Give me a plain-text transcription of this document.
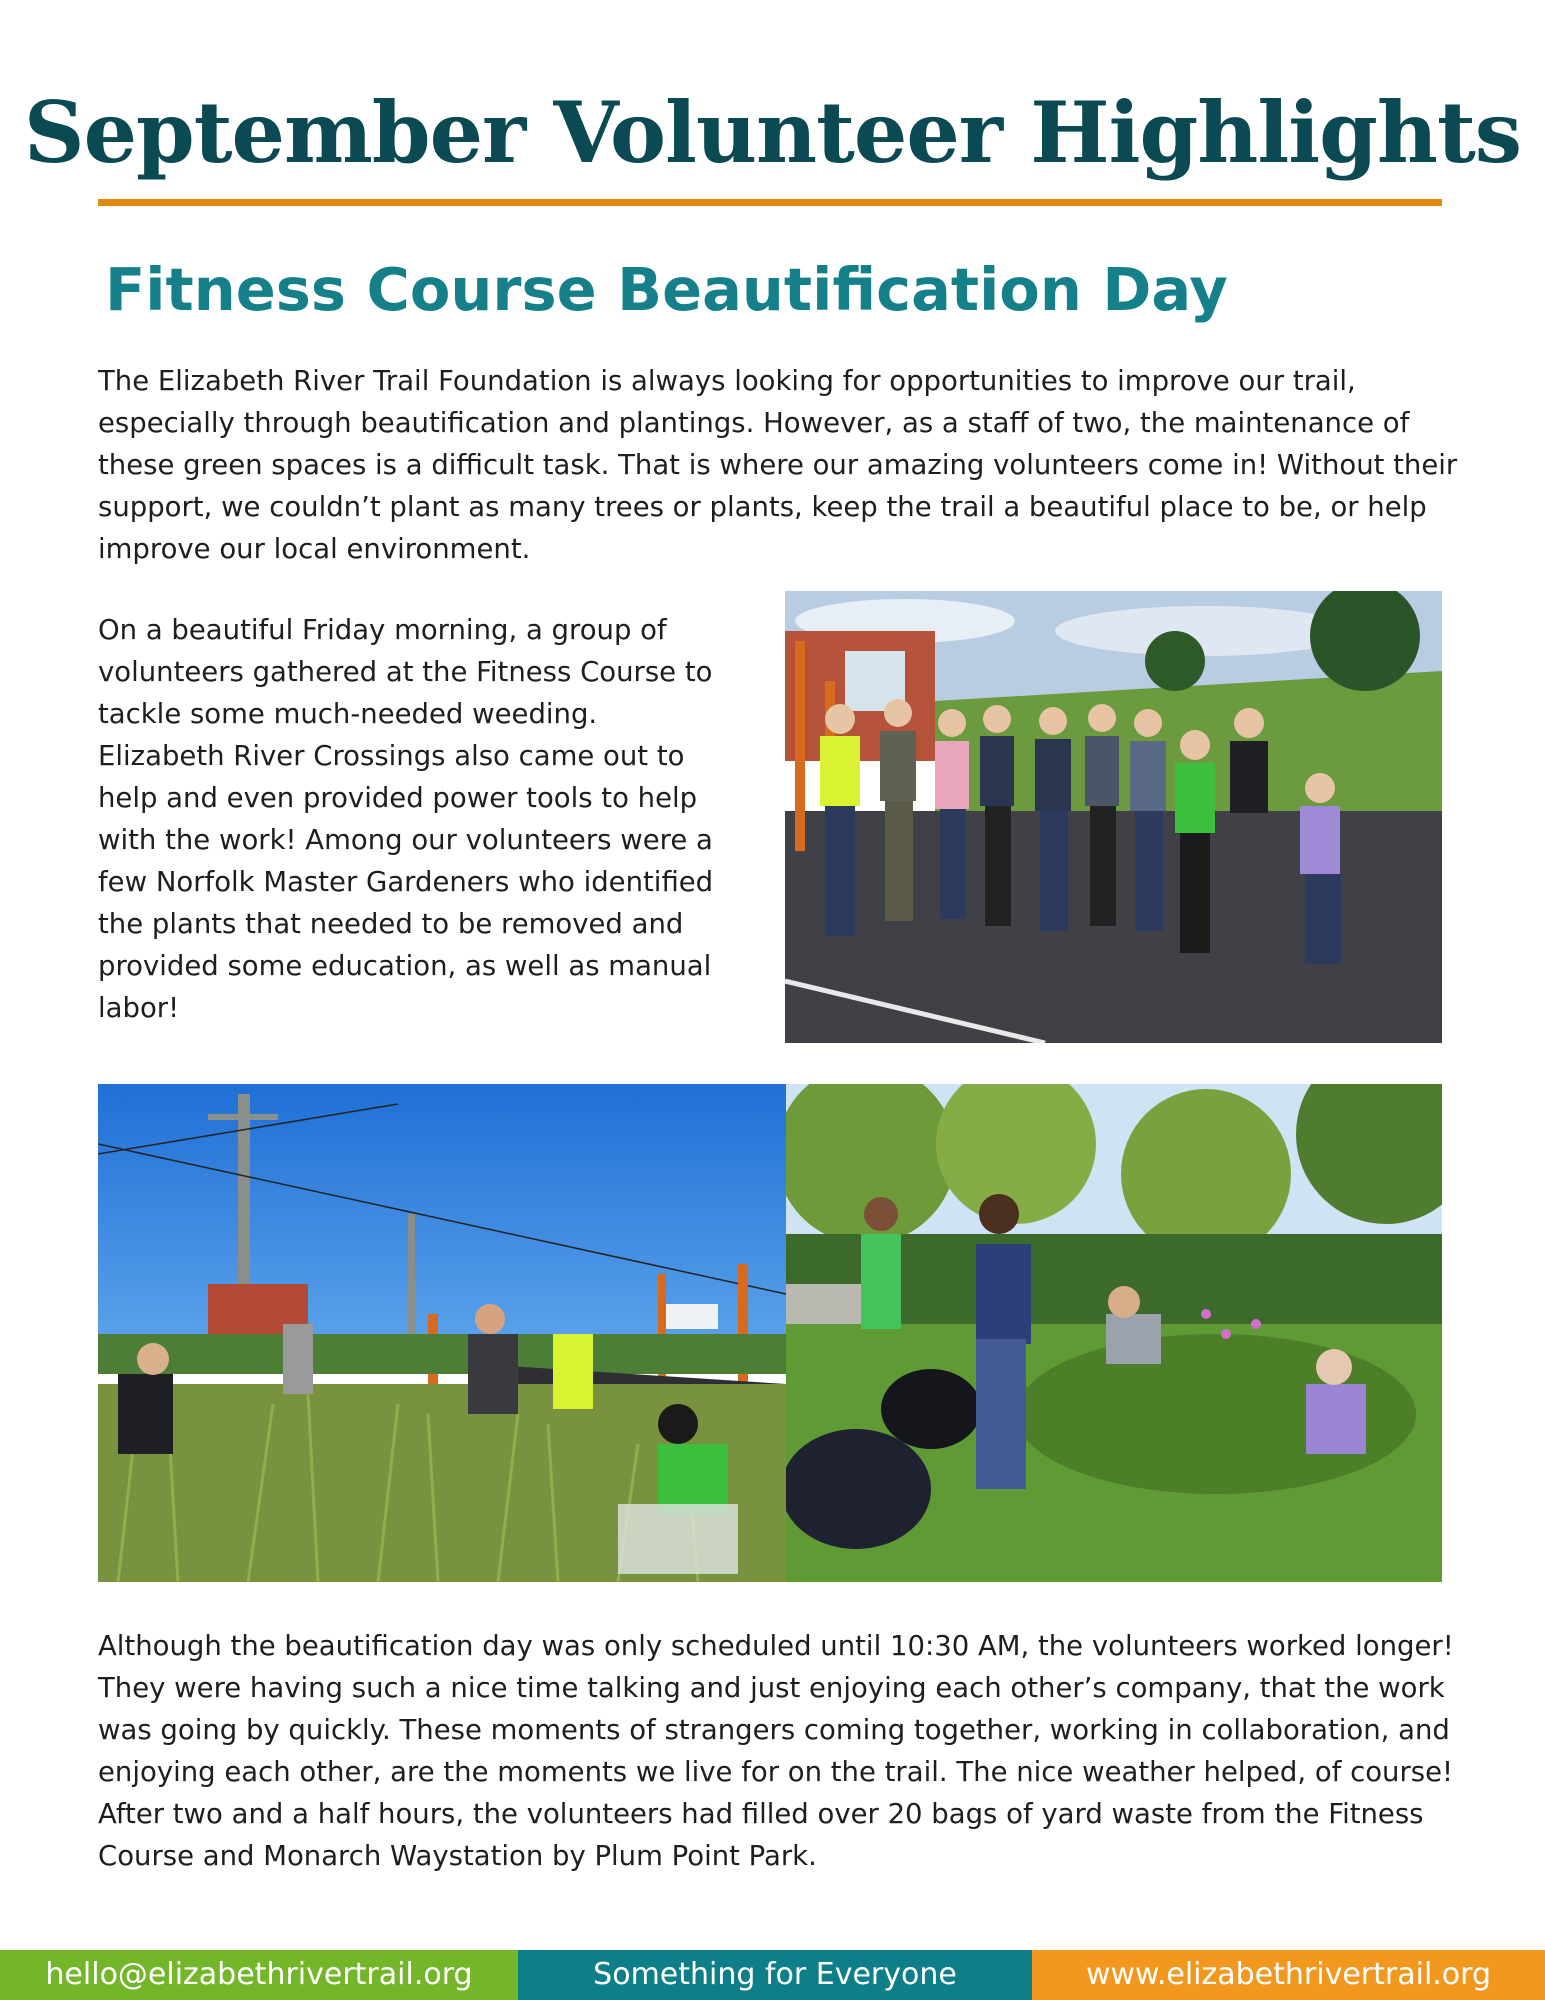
September Volunteer Highlights
Fitness Course Beautification Day

The Elizabeth River Trail Foundation is always looking for opportunities to improve our trail, especially through beautification and plantings. However, as a staff of two, the maintenance of these green spaces is a difficult task. That is where our amazing volunteers come in! Without their support, we couldn’t plant as many trees or plants, keep the trail a beautiful place to be, or help improve our local environment.

On a beautiful Friday morning, a group of volunteers gathered at the Fitness Course to tackle some much-needed weeding. Elizabeth River Crossings also came out to help and even provided power tools to help with the work! Among our volunteers were a few Norfolk Master Gardeners who identified the plants that needed to be removed and provided some education, as well as manual labor!

Although the beautification day was only scheduled until 10:30 AM, the volunteers worked longer! They were having such a nice time talking and just enjoying each other’s company, that the work was going by quickly. These moments of strangers coming together, working in collaboration, and enjoying each other, are the moments we live for on the trail. The nice weather helped, of course! After two and a half hours, the volunteers had filled over 20 bags of yard waste from the Fitness Course and Monarch Waystation by Plum Point Park.

hello@elizabethrivertrail.org	Something for Everyone	www.elizabethrivertrail.org
